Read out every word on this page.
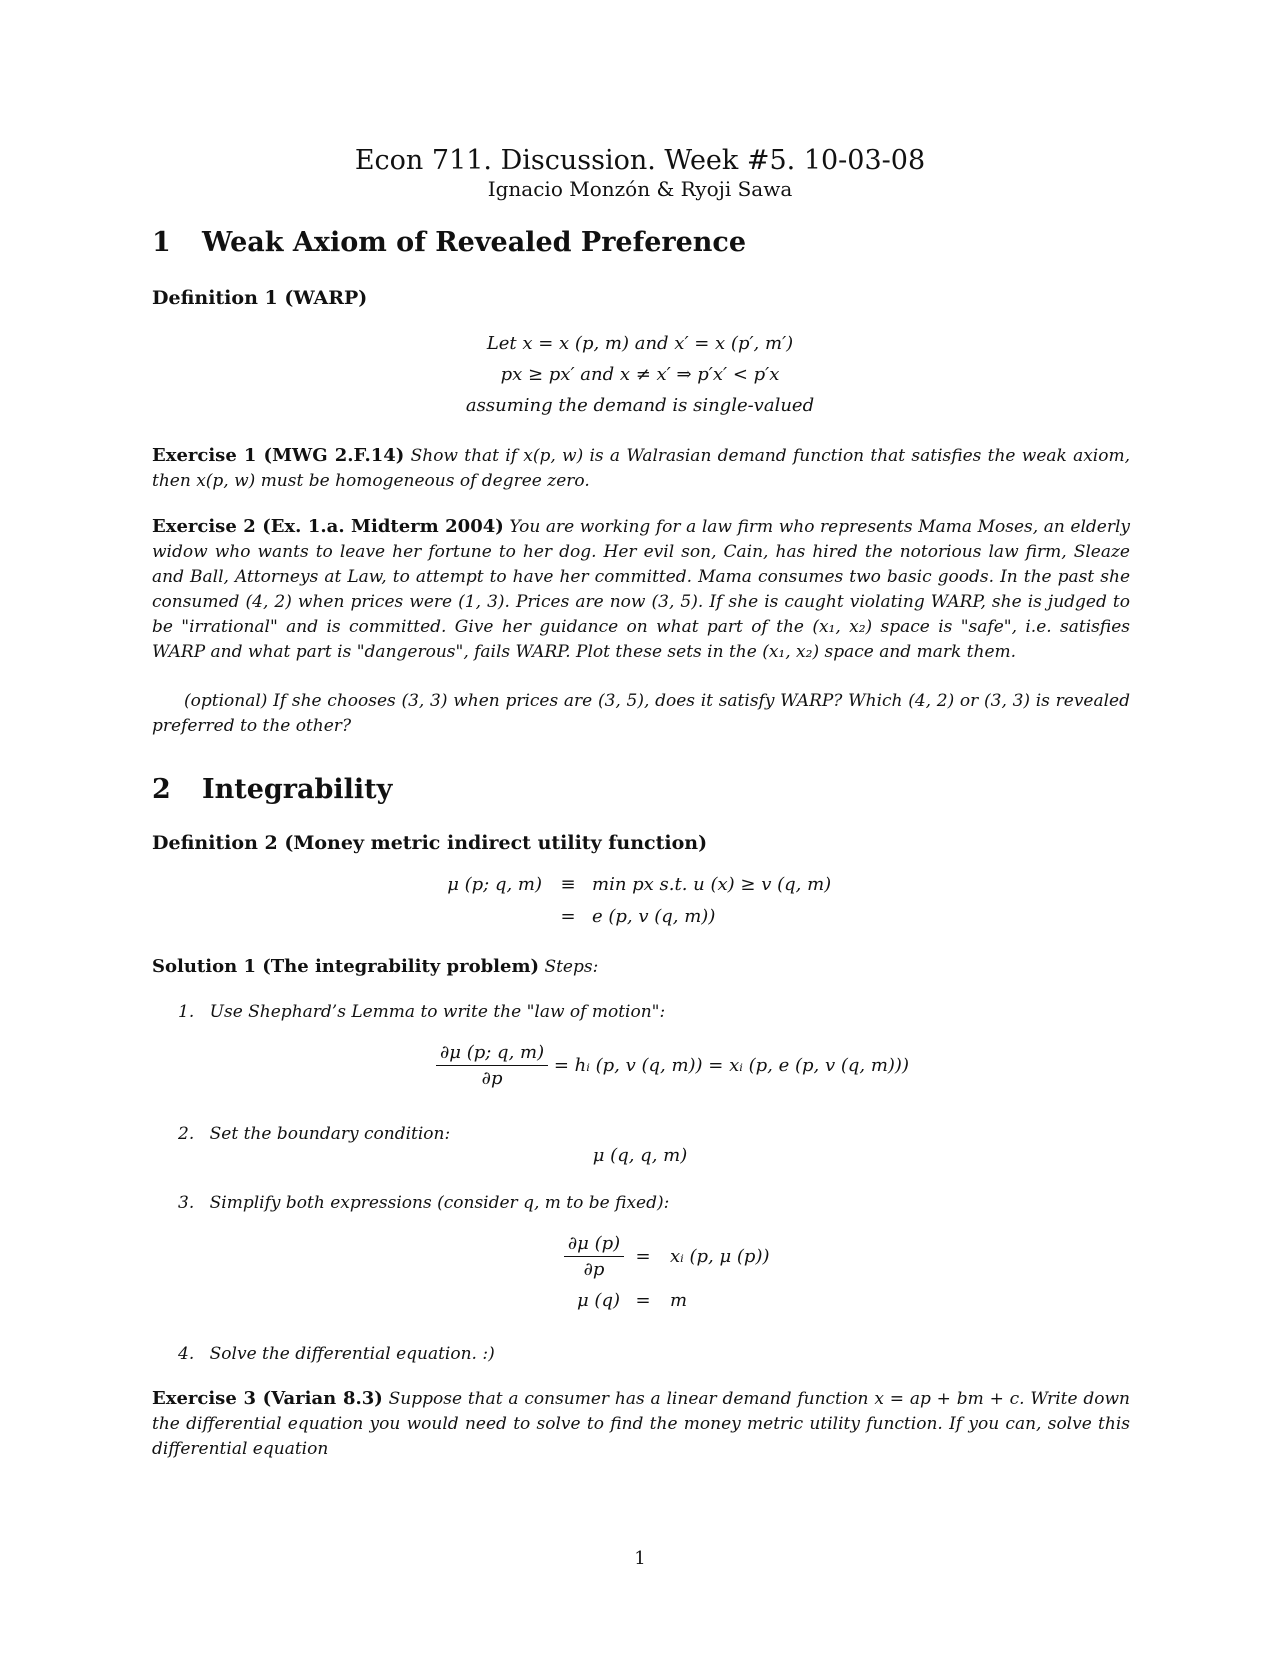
Econ 711. Discussion. Week #5. 10-03-08
Ignacio Monzón & Ryoji Sawa
1 Weak Axiom of Revealed Preference
Definition 1 (WARP)
Let x = x (p, m) and x′ = x (p′, m′)
px ≥ px′ and x ≠ x′ ⇒ p′x′ < p′x
assuming the demand is single-valued
Exercise 1 (MWG 2.F.14) Show that if x(p, w) is a Walrasian demand function that satisfies the weak axiom, then x(p, w) must be homogeneous of degree zero.
Exercise 2 (Ex. 1.a. Midterm 2004) You are working for a law firm who represents Mama Moses, an elderly widow who wants to leave her fortune to her dog. Her evil son, Cain, has hired the notorious law firm, Sleaze and Ball, Attorneys at Law, to attempt to have her committed. Mama consumes two basic goods. In the past she consumed (4, 2) when prices were (1, 3). Prices are now (3, 5). If she is caught violating WARP, she is judged to be "irrational" and is committed. Give her guidance on what part of the (x₁, x₂) space is "safe", i.e. satisfies WARP and what part is "dangerous", fails WARP. Plot these sets in the (x₁, x₂) space and mark them.
(optional) If she chooses (3, 3) when prices are (3, 5), does it satisfy WARP? Which (4, 2) or (3, 3) is revealed preferred to the other?
2 Integrability
Definition 2 (Money metric indirect utility function)
μ (p; q, m) ≡ min px s.t. u (x) ≥ v (q, m)
= e (p, v (q, m))
Solution 1 (The integrability problem) Steps:
1. Use Shephard’s Lemma to write the "law of motion":
$\frac{\partial\mu (p; q, m)}{\partial p}$ = hᵢ (p, v (q, m)) = xᵢ (p, e (p, v (q, m)))
2. Set the boundary condition:
μ (q, q, m)
3. Simplify both expressions (consider q, m to be fixed):
$\frac{\partial\mu (p)}{\partial p}$ =	xᵢ (p, μ (p))
μ (q) =	m
4. Solve the differential equation. :)
Exercise 3 (Varian 8.3) Suppose that a consumer has a linear demand function x = ap + bm + c. Write down the differential equation you would need to solve to find the money metric utility function. If you can, solve this differential equation
1
